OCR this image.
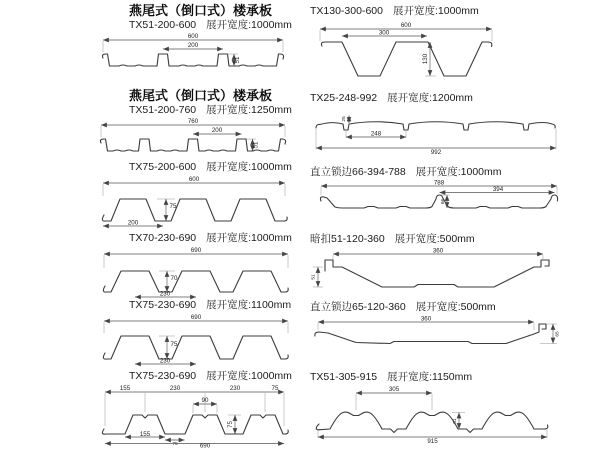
燕尾式（倒口式）楼承板
TX51-200-600 展开宽度:1000mm
600
200
51
燕尾式（倒口式）楼承板
TX51-200-760 展开宽度:1250mm
760
200
51
TX75-200-600 展开宽度:1000mm
600
75
200
TX70-230-690 展开宽度:1000mm
690
70
230
TX75-230-690 展开宽度:1100mm
690
75
230
TX75-230-690 展开宽度:1000mm
155	230	230	75
90
75
155
75	690
TX130-300-600 展开宽度:1000mm
600
300
130
TX25-248-992 展开宽度:1200mm
25
248
992
直立锁边66-394-788 展开宽度:1000mm
788
394
66
暗扣51-120-360 展开宽度:500mm
360
51
直立锁边65-120-360 展开宽度:500mm
360
65
TX51-305-915 展开宽度:1150mm
305
51
915
